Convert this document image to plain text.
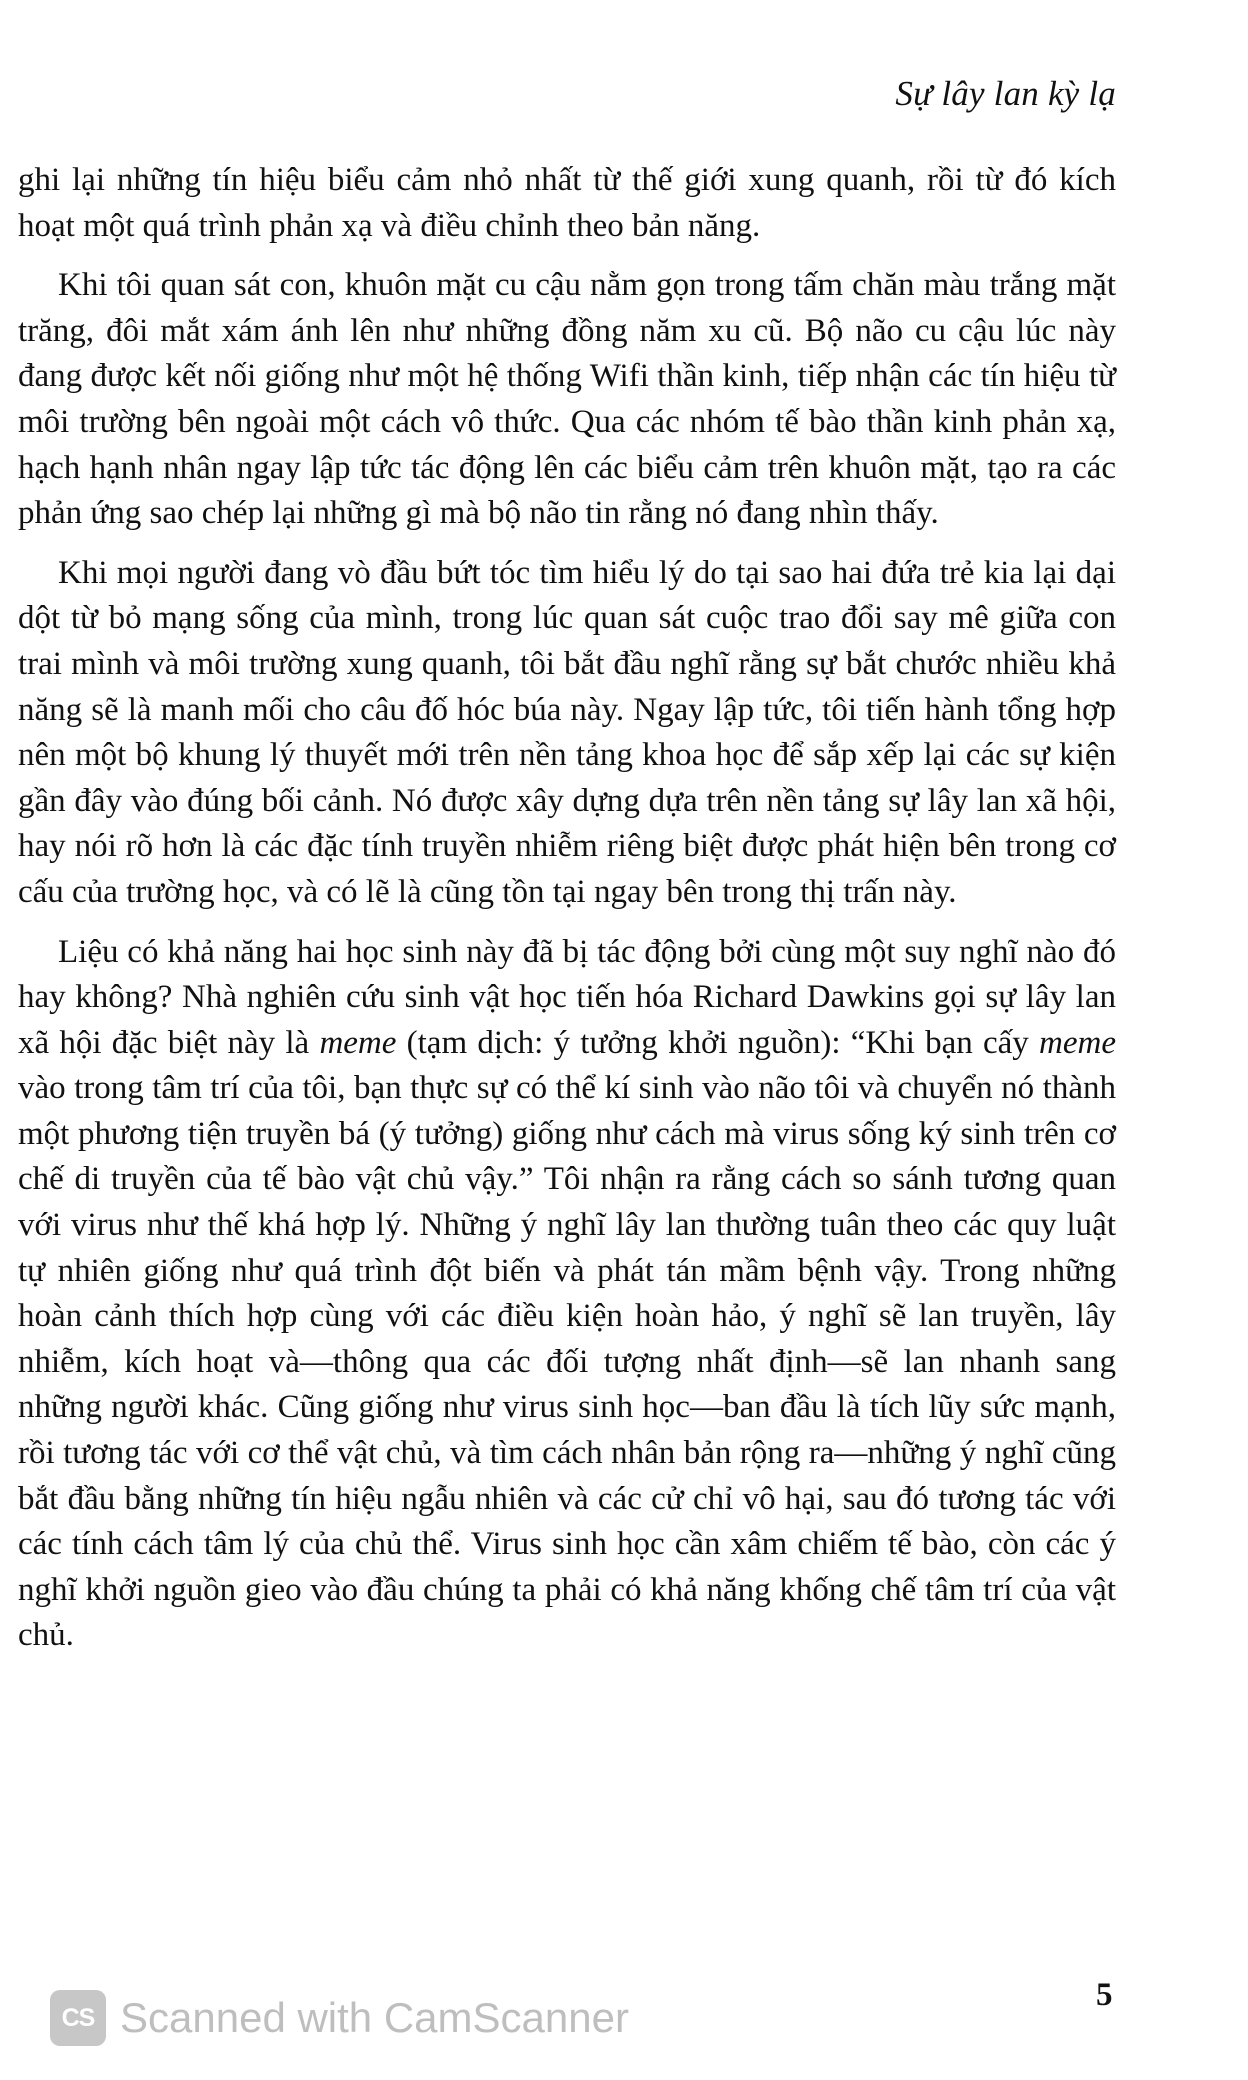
Sự lây lan kỳ lạ

ghi lại những tín hiệu biểu cảm nhỏ nhất từ thế giới xung quanh, rồi từ đó kích hoạt một quá trình phản xạ và điều chỉnh theo bản năng.

Khi tôi quan sát con, khuôn mặt cu cậu nằm gọn trong tấm chăn màu trắng mặt trăng, đôi mắt xám ánh lên như những đồng năm xu cũ. Bộ não cu cậu lúc này đang được kết nối giống như một hệ thống Wifi thần kinh, tiếp nhận các tín hiệu từ môi trường bên ngoài một cách vô thức. Qua các nhóm tế bào thần kinh phản xạ, hạch hạnh nhân ngay lập tức tác động lên các biểu cảm trên khuôn mặt, tạo ra các phản ứng sao chép lại những gì mà bộ não tin rằng nó đang nhìn thấy.

Khi mọi người đang vò đầu bứt tóc tìm hiểu lý do tại sao hai đứa trẻ kia lại dại dột từ bỏ mạng sống của mình, trong lúc quan sát cuộc trao đổi say mê giữa con trai mình và môi trường xung quanh, tôi bắt đầu nghĩ rằng sự bắt chước nhiều khả năng sẽ là manh mối cho câu đố hóc búa này. Ngay lập tức, tôi tiến hành tổng hợp nên một bộ khung lý thuyết mới trên nền tảng khoa học để sắp xếp lại các sự kiện gần đây vào đúng bối cảnh. Nó được xây dựng dựa trên nền tảng sự lây lan xã hội, hay nói rõ hơn là các đặc tính truyền nhiễm riêng biệt được phát hiện bên trong cơ cấu của trường học, và có lẽ là cũng tồn tại ngay bên trong thị trấn này.

Liệu có khả năng hai học sinh này đã bị tác động bởi cùng một suy nghĩ nào đó hay không? Nhà nghiên cứu sinh vật học tiến hóa Richard Dawkins gọi sự lây lan xã hội đặc biệt này là meme (tạm dịch: ý tưởng khởi nguồn): “Khi bạn cấy meme vào trong tâm trí của tôi, bạn thực sự có thể kí sinh vào não tôi và chuyển nó thành một phương tiện truyền bá (ý tưởng) giống như cách mà virus sống ký sinh trên cơ chế di truyền của tế bào vật chủ vậy.” Tôi nhận ra rằng cách so sánh tương quan với virus như thế khá hợp lý. Những ý nghĩ lây lan thường tuân theo các quy luật tự nhiên giống như quá trình đột biến và phát tán mầm bệnh vậy. Trong những hoàn cảnh thích hợp cùng với các điều kiện hoàn hảo, ý nghĩ sẽ lan truyền, lây nhiễm, kích hoạt và—thông qua các đối tượng nhất định—sẽ lan nhanh sang những người khác. Cũng giống như virus sinh học—ban đầu là tích lũy sức mạnh, rồi tương tác với cơ thể vật chủ, và tìm cách nhân bản rộng ra—những ý nghĩ cũng bắt đầu bằng những tín hiệu ngẫu nhiên và các cử chỉ vô hại, sau đó tương tác với các tính cách tâm lý của chủ thể. Virus sinh học cần xâm chiếm tế bào, còn các ý nghĩ khởi nguồn gieo vào đầu chúng ta phải có khả năng khống chế tâm trí của vật chủ.

CS Scanned with CamScanner	5
